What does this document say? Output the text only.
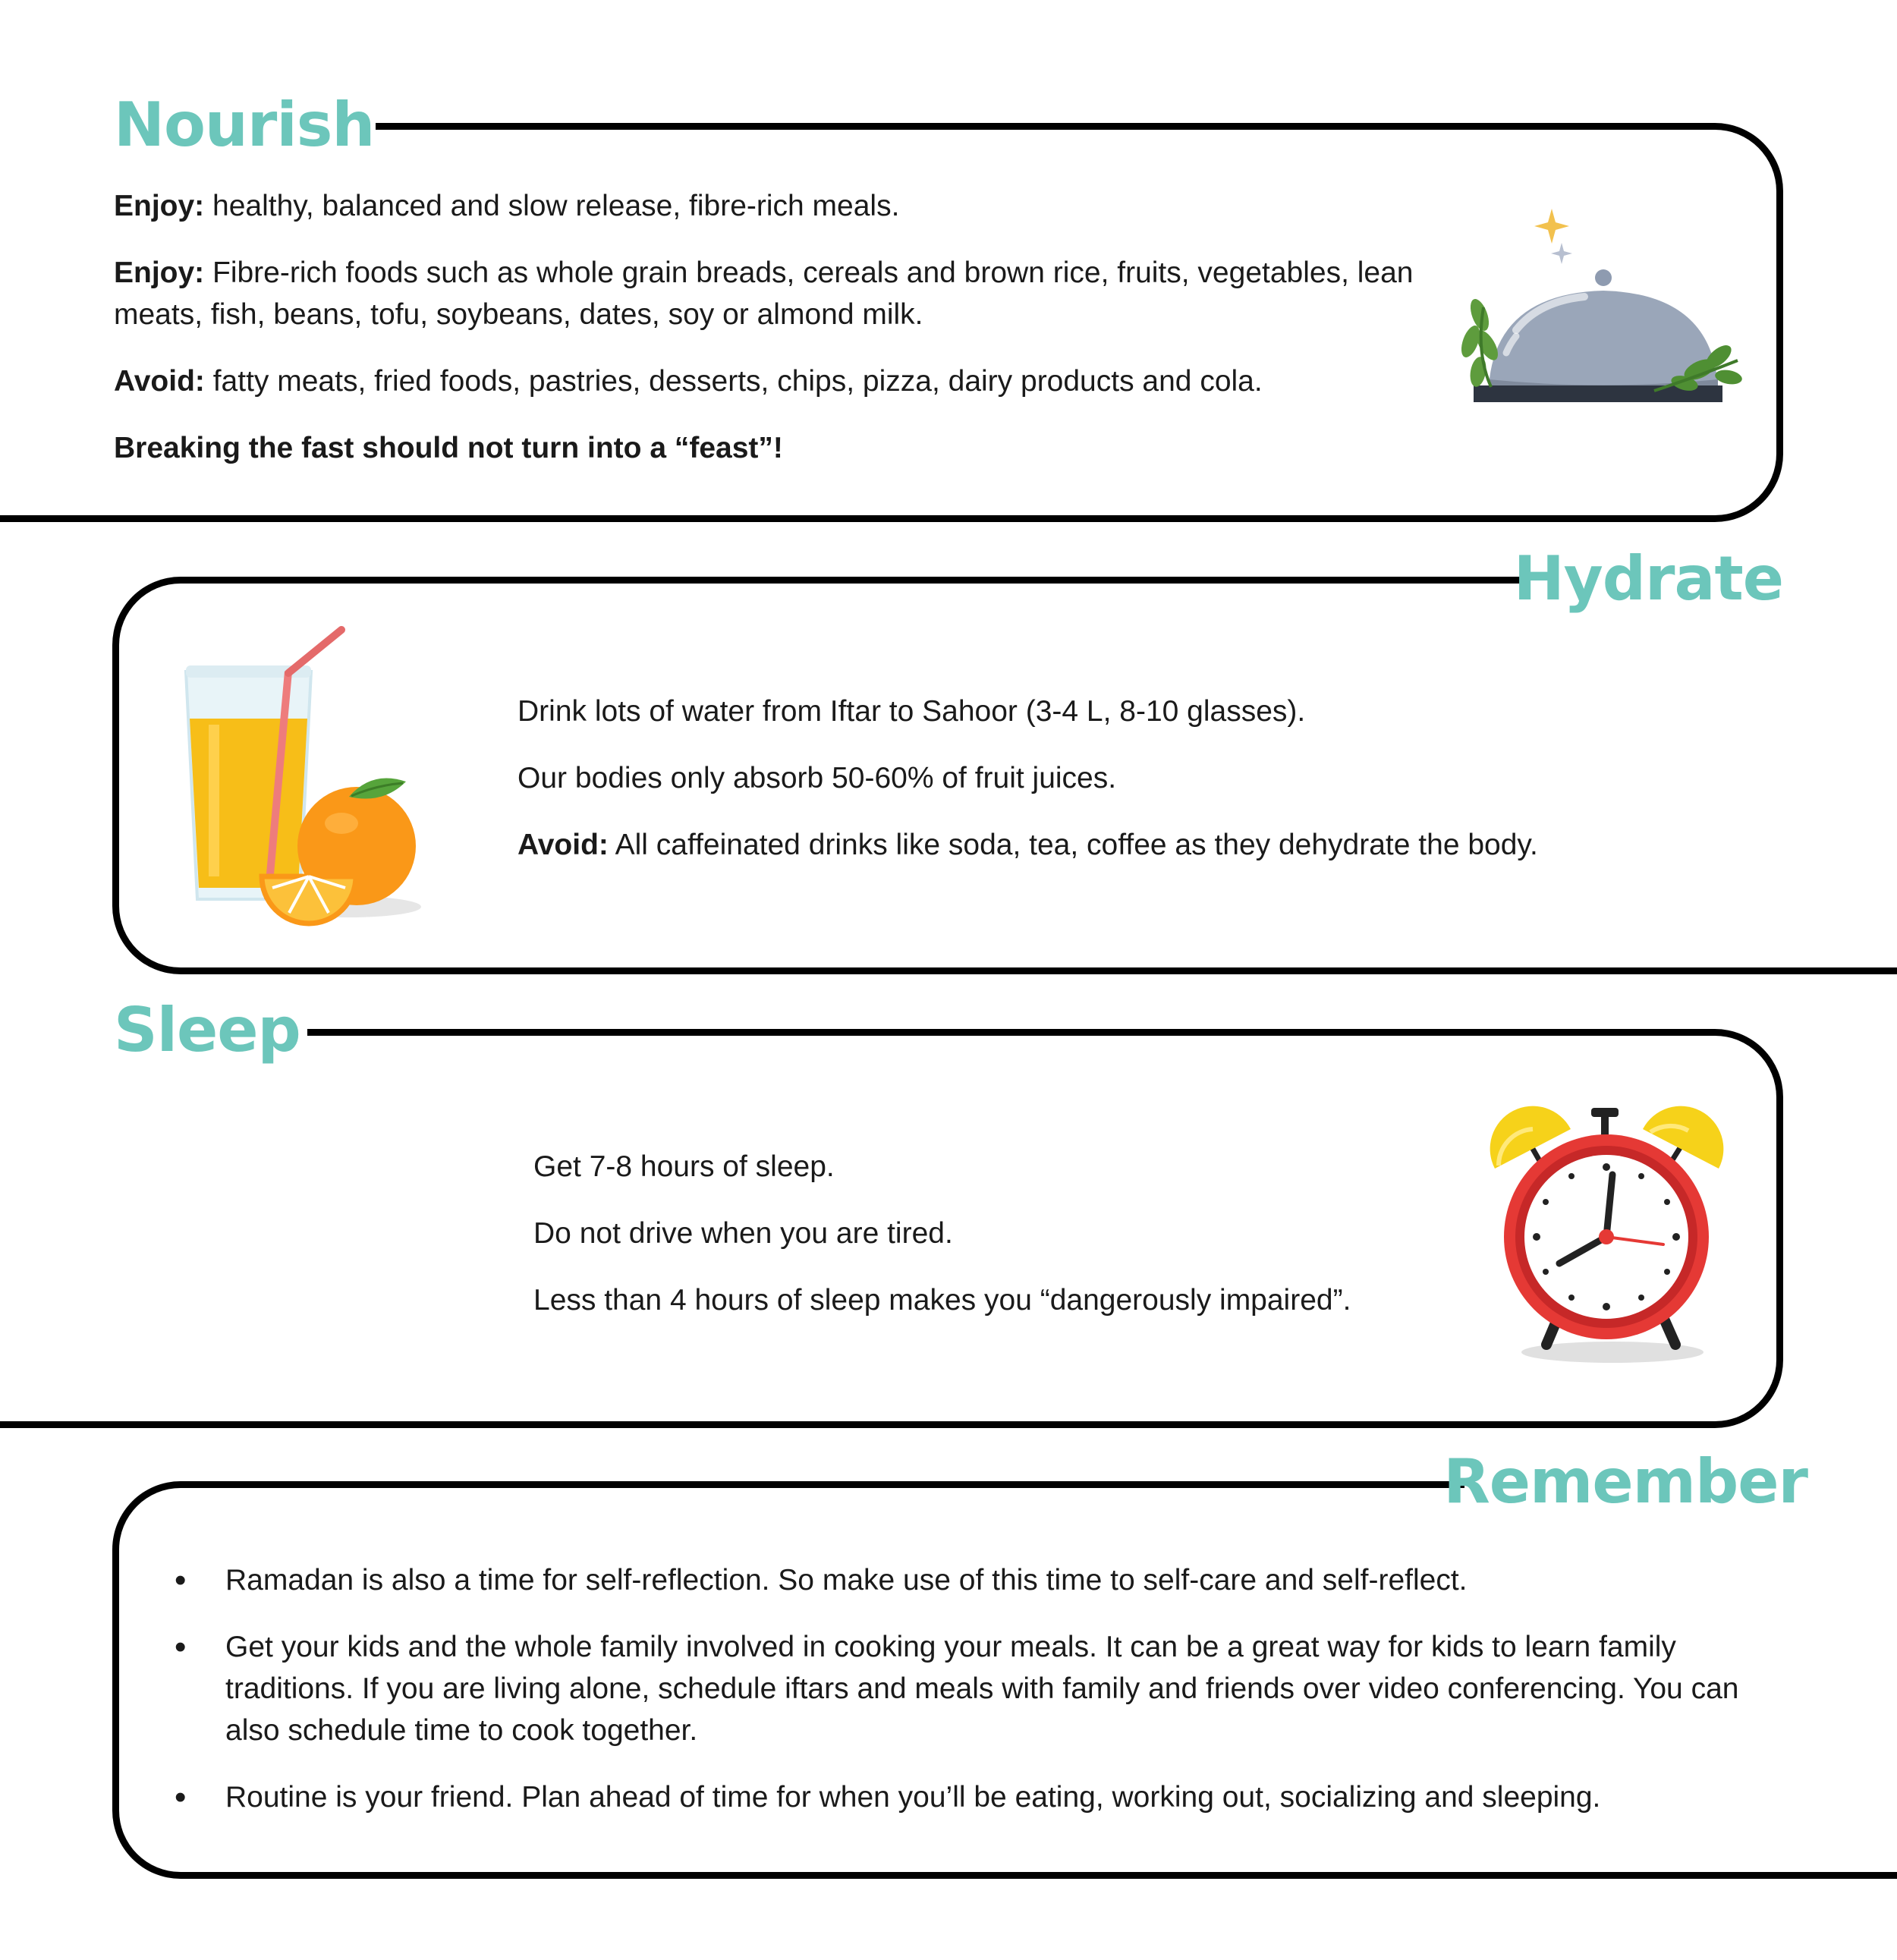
Nourish
Hydrate
Sleep
Remember

Enjoy: healthy, balanced and slow release, fibre-rich meals.

Enjoy: Fibre-rich foods such as whole grain breads, cereals and brown rice, fruits, vegetables, lean meats, fish, beans, tofu, soybeans, dates, soy or almond milk.

Avoid: fatty meats, fried foods, pastries, desserts, chips, pizza, dairy products and cola.

Breaking the fast should not turn into a “feast”!

Drink lots of water from Iftar to Sahoor (3-4 L, 8-10 glasses).

Our bodies only absorb 50-60% of fruit juices.

Avoid: All caffeinated drinks like soda, tea, coffee as they dehydrate the body.

Get 7-8 hours of sleep.

Do not drive when you are tired.

Less than 4 hours of sleep makes you “dangerously impaired”.

• Ramadan is also a time for self-reflection. So make use of this time to self-care and self-reflect.
• Get your kids and the whole family involved in cooking your meals. It can be a great way for kids to learn family traditions. If you are living alone, schedule iftars and meals with family and friends over video conferencing. You can also schedule time to cook together.
• Routine is your friend. Plan ahead of time for when you’ll be eating, working out, socializing and sleeping.
